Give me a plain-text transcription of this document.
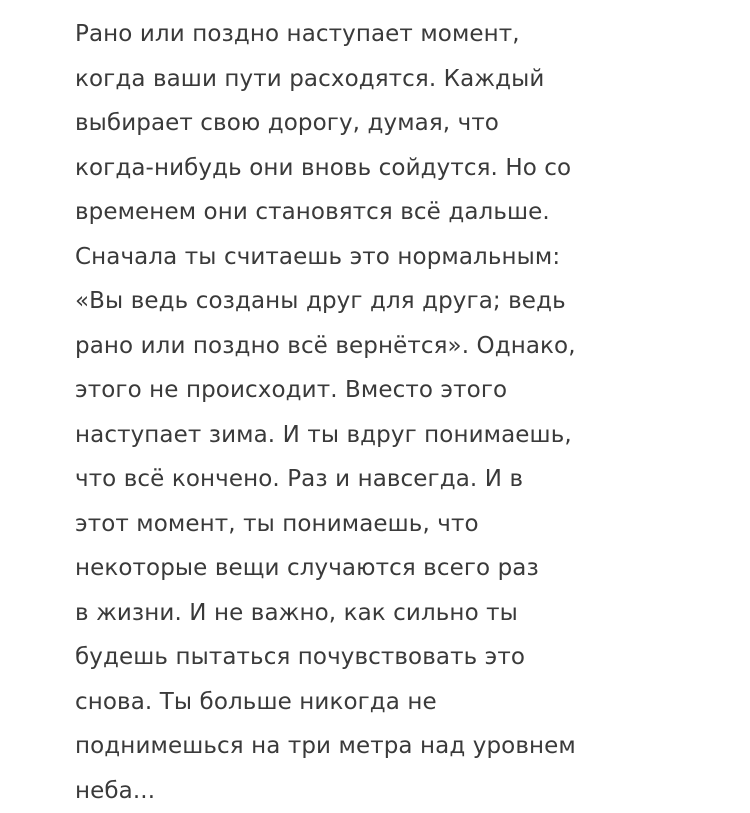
Рано или поздно наступает момент,
когда ваши пути расходятся. Каждый
выбирает свою дорогу, думая, что
когда-нибудь они вновь сойдутся. Но со
временем они становятся всё дальше.
Сначала ты считаешь это нормальным:
«Вы ведь созданы друг для друга; ведь
рано или поздно всё вернётся». Однако,
этого не происходит. Вместо этого
наступает зима. И ты вдруг понимаешь,
что всё кончено. Раз и навсегда. И в
этот момент, ты понимаешь, что
некоторые вещи случаются всего раз
в жизни. И не важно, как сильно ты
будешь пытаться почувствовать это
снова. Ты больше никогда не
поднимешься на три метра над уровнем
неба...
